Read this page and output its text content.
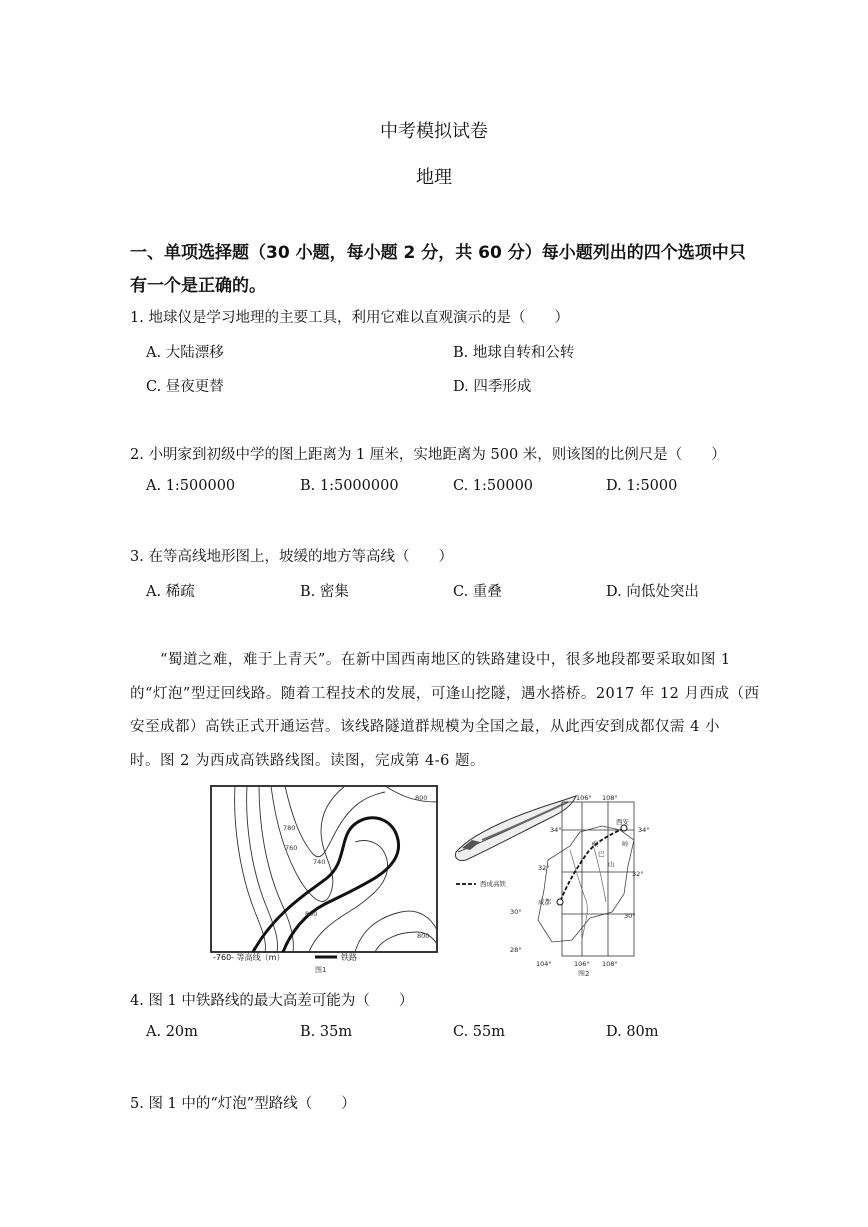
中考模拟试卷
地理
一、单项选择题（30 小题，每小题 2 分，共 60 分）每小题列出的四个选项中只
有一个是正确的。
1. 地球仪是学习地理的主要工具，利用它难以直观演示的是（　　）
A. 大陆漂移	B. 地球自转和公转
C. 昼夜更替	D. 四季形成
2. 小明家到初级中学的图上距离为 1 厘米，实地距离为 500 米，则该图的比例尺是（　　）
A. 1:500000	B. 1:5000000	C. 1:50000	D. 1:5000
3. 在等高线地形图上，坡缓的地方等高线（　　）
A. 稀疏	B. 密集	C. 重叠	D. 向低处突出
“蜀道之难，难于上青天”。在新中国西南地区的铁路建设中，很多地段都要采取如图 1
的“灯泡”型迂回线路。随着工程技术的发展，可逢山挖隧，遇水搭桥。2017 年 12 月西成（西
安至成都）高铁正式开通运营。该线路隧道群规模为全国之最，从此西安到成都仅需 4 小
时。图 2 为西成高铁路线图。读图，完成第 4-6 题。
800
780
760
740
800
800
-760- 等高线（m）	铁路
图1
106° 108°
104°	106° 108°
34°
32°
30°
28°
34°
32°
30°
西安
成都
秦	岭
巴
山
图2
西成高铁
4. 图 1 中铁路线的最大高差可能为（　　）
A. 20m	B. 35m	C. 55m	D. 80m
5. 图 1 中的“灯泡”型路线（　　）
